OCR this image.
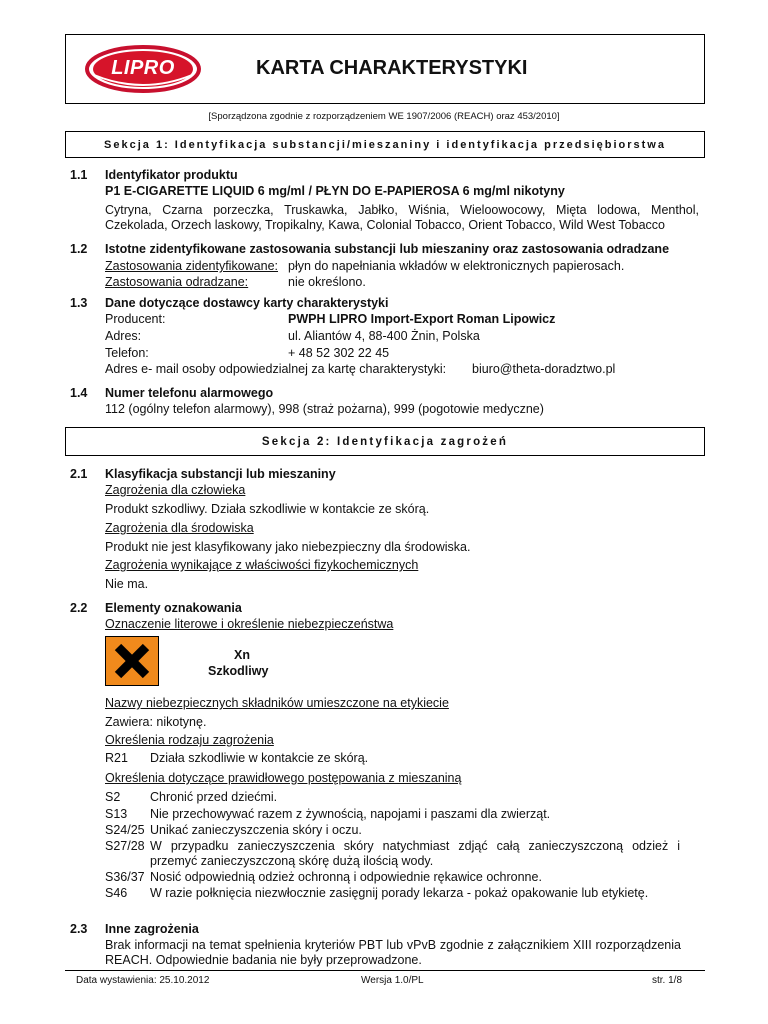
LIPRO	KARTA CHARAKTERYSTYKI
[Sporządzona zgodnie z rozporządzeniem WE 1907/2006 (REACH) oraz 453/2010]
Sekcja 1: Identyfikacja substancji/mieszaniny i identyfikacja przedsiębiorstwa
1.1 Identyfikator produktu
P1 E-CIGARETTE LIQUID 6 mg/ml / PŁYN DO E-PAPIEROSA 6 mg/ml nikotyny
Cytryna, Czarna porzeczka, Truskawka, Jabłko, Wiśnia, Wieloowocowy, Mięta lodowa, Menthol, Czekolada, Orzech laskowy, Tropikalny, Kawa, Colonial Tobacco, Orient Tobacco, Wild West Tobacco
1.2 Istotne zidentyfikowane zastosowania substancji lub mieszaniny oraz zastosowania odradzane
Zastosowania zidentyfikowane: płyn do napełniania wkładów w elektronicznych papierosach.
Zastosowania odradzane:	nie określono.
1.3 Dane dotyczące dostawcy karty charakterystyki
Producent:	PWPH LIPRO Import-Export Roman Lipowicz
Adres:	ul. Aliantów 4, 88-400 Żnin, Polska
Telefon:	+ 48 52 302 22 45
Adres e- mail osoby odpowiedzialnej za kartę charakterystyki: biuro@theta-doradztwo.pl
1.4 Numer telefonu alarmowego
112 (ogólny telefon alarmowy), 998 (straż pożarna), 999 (pogotowie medyczne)
Sekcja 2: Identyfikacja zagrożeń
2.1 Klasyfikacja substancji lub mieszaniny
Zagrożenia dla człowieka
Produkt szkodliwy. Działa szkodliwie w kontakcie ze skórą.
Zagrożenia dla środowiska
Produkt nie jest klasyfikowany jako niebezpieczny dla środowiska.
Zagrożenia wynikające z właściwości fizykochemicznych
Nie ma.
2.2 Elementy oznakowania
Oznaczenie literowe i określenie niebezpieczeństwa
Xn
Szkodliwy
Nazwy niebezpiecznych składników umieszczone na etykiecie
Zawiera: nikotynę.
Określenia rodzaju zagrożenia
R21 Działa szkodliwie w kontakcie ze skórą.
Określenia dotyczące prawidłowego postępowania z mieszaniną
S2 Chronić przed dziećmi.
S13 Nie przechowywać razem z żywnością, napojami i paszami dla zwierząt.
S24/25 Unikać zanieczyszczenia skóry i oczu.
S27/28 W przypadku zanieczyszczenia skóry natychmiast zdjąć całą zanieczyszczoną odzież i przemyć zanieczyszczoną skórę dużą ilością wody.
S36/37 Nosić odpowiednią odzież ochronną i odpowiednie rękawice ochronne.
S46 W razie połknięcia niezwłocznie zasięgnij porady lekarza - pokaż opakowanie lub etykietę.
2.3 Inne zagrożenia
Brak informacji na temat spełnienia kryteriów PBT lub vPvB zgodnie z załącznikiem XIII rozporządzenia REACH. Odpowiednie badania nie były przeprowadzone.
Data wystawienia: 25.10.2012	Wersja 1.0/PL	str. 1/8
